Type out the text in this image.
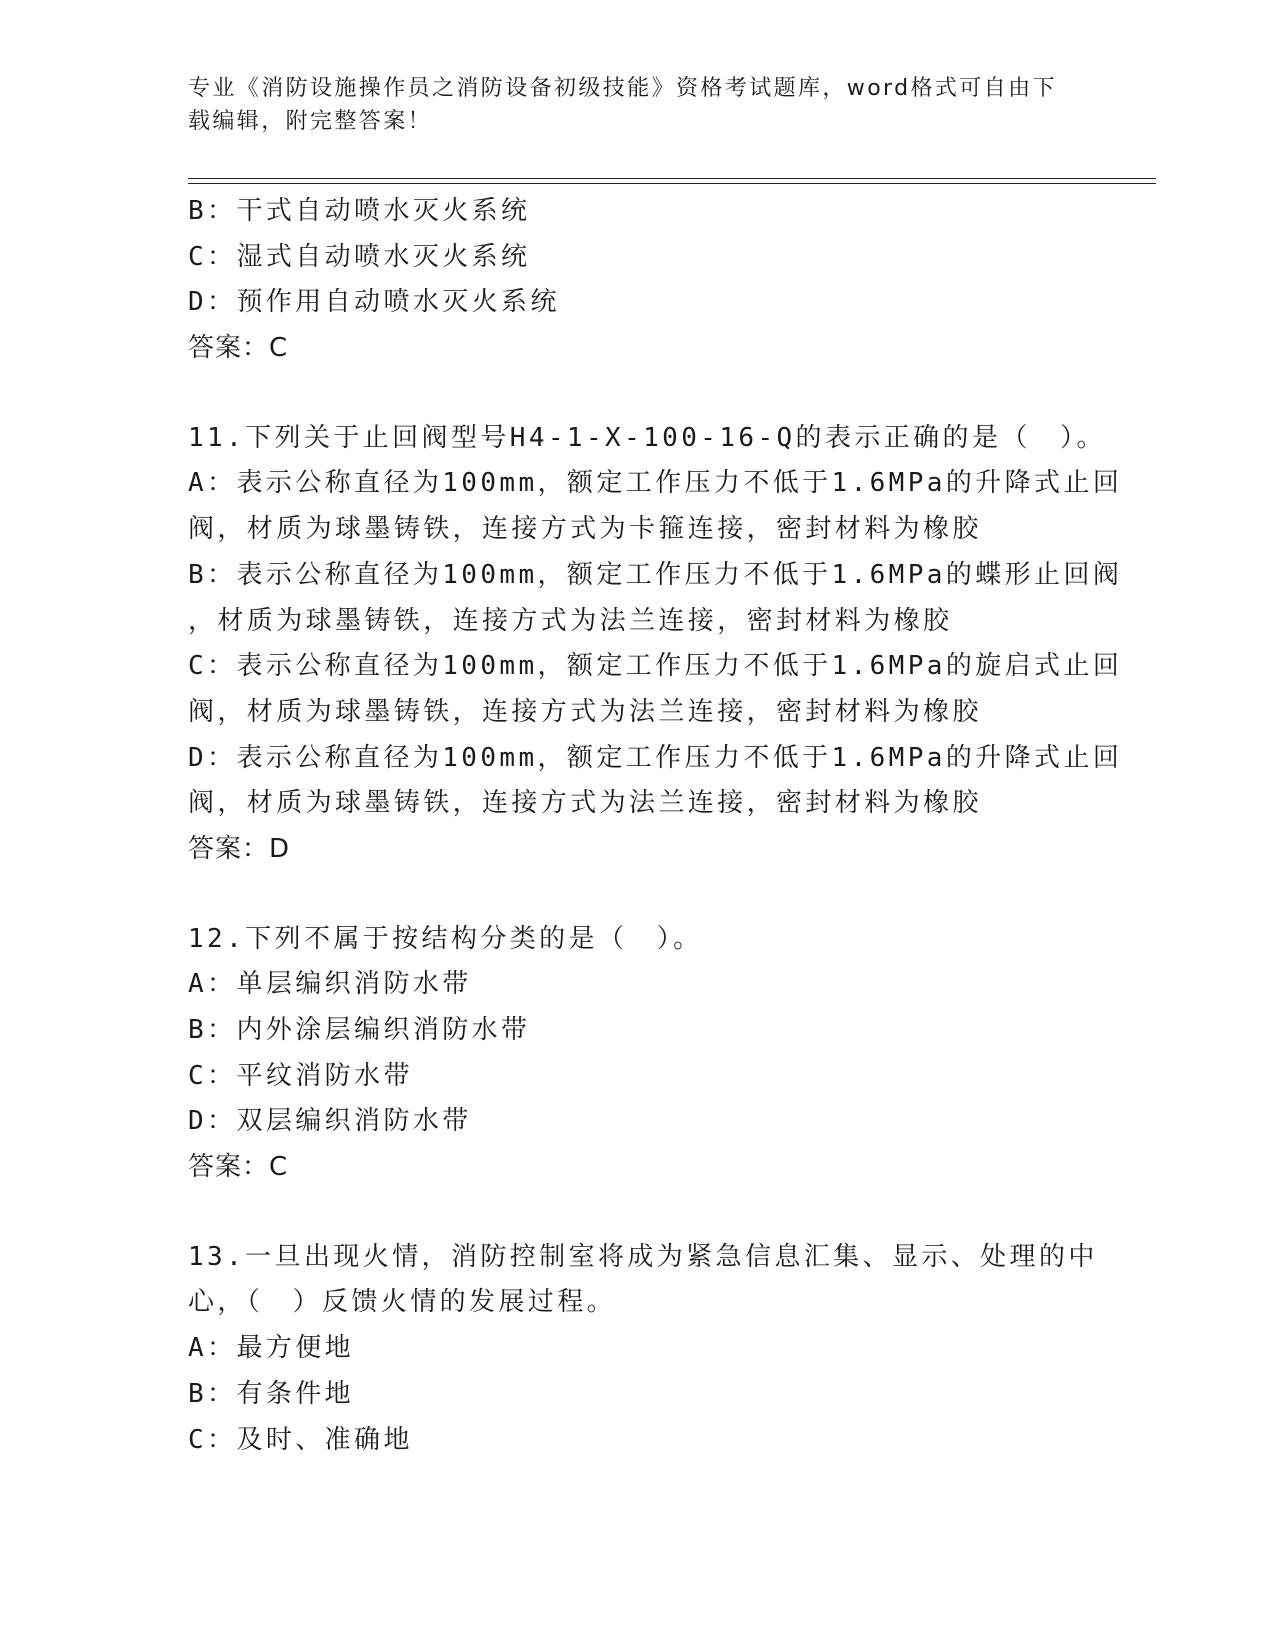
专业《消防设施操作员之消防设备初级技能》资格考试题库，word格式可自由下
载编辑，附完整答案！
B：干式自动喷水灭火系统
C：湿式自动喷水灭火系统
D：预作用自动喷水灭火系统
答案：C
11.下列关于止回阀型号H4-1-X-100-16-Q的表示正确的是（　）。
A：表示公称直径为100mm，额定工作压力不低于1.6MPa的升降式止回
阀，材质为球墨铸铁，连接方式为卡箍连接，密封材料为橡胶
B：表示公称直径为100mm，额定工作压力不低于1.6MPa的蝶形止回阀
，材质为球墨铸铁，连接方式为法兰连接，密封材料为橡胶
C：表示公称直径为100mm，额定工作压力不低于1.6MPa的旋启式止回
阀，材质为球墨铸铁，连接方式为法兰连接，密封材料为橡胶
D：表示公称直径为100mm，额定工作压力不低于1.6MPa的升降式止回
阀，材质为球墨铸铁，连接方式为法兰连接，密封材料为橡胶
答案：D
12.下列不属于按结构分类的是（　）。
A：单层编织消防水带
B：内外涂层编织消防水带
C：平纹消防水带
D：双层编织消防水带
答案：C
13.一旦出现火情，消防控制室将成为紧急信息汇集、显示、处理的中
心，（　）反馈火情的发展过程。
A：最方便地
B：有条件地
C：及时、准确地
